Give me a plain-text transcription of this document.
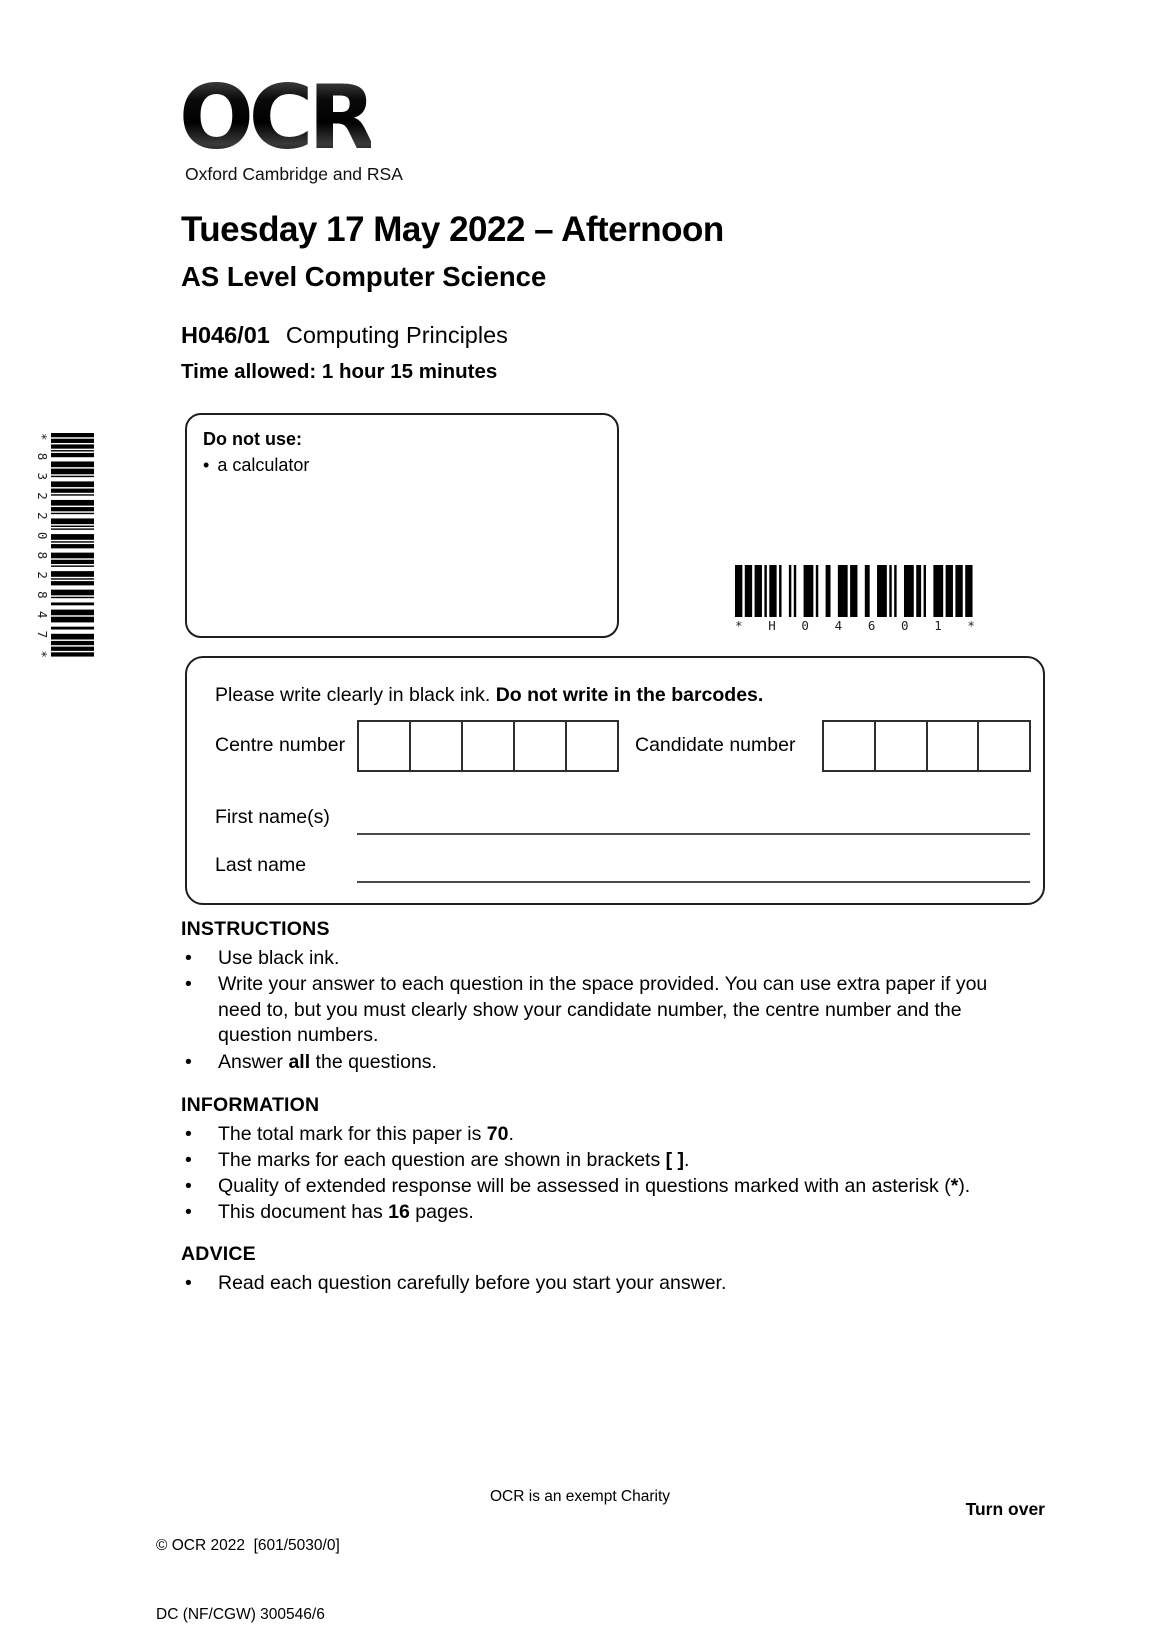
OCR
Oxford Cambridge and RSA
Tuesday 17 May 2022 – Afternoon
AS Level Computer Science
H046/01 Computing Principles
Time allowed: 1 hour 15 minutes
Do not use:
• a calculator
*
8
3
2
2
0
8
2
8
4
7
*
* H 0 4 6 0 1 *
Please write clearly in black ink. Do not write in the barcodes.
Centre number	Candidate number
First name(s)
Last name
INSTRUCTIONS
•	Use black ink.
•	Write your answer to each question in the space provided. You can use extra paper if you need to, but you must clearly show your candidate number, the centre number and the question numbers.
•	Answer all the questions.
INFORMATION
•	The total mark for this paper is 70.
•	The marks for each question are shown in brackets [ ].
•	Quality of extended response will be assessed in questions marked with an asterisk (*).
•	This document has 16 pages.
ADVICE
•	Read each question carefully before you start your answer.

© OCR 2022  [601/5030/0]

DC (NF/CGW) 300546/6

OCR is an exempt Charity
Turn over
